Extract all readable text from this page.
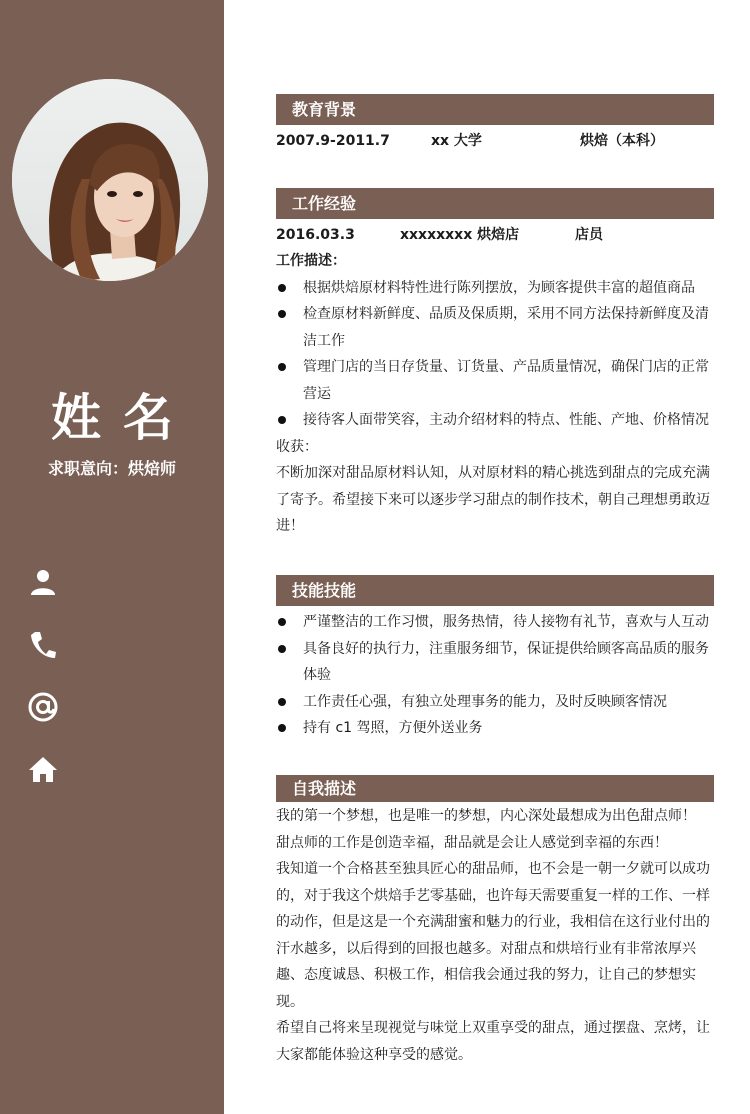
姓名
求职意向：烘焙师
教育背景
2007.9-2011.7	xx 大学	烘焙（本科）
工作经验
2016.03.3	xxxxxxxx 烘焙店	店员
工作描述：
根据烘焙原材料特性进行陈列摆放，为顾客提供丰富的超值商品
检查原材料新鲜度、品质及保质期，采用不同方法保持新鲜度及清洁工作
管理门店的当日存货量、订货量、产品质量情况，确保门店的正常营运
接待客人面带笑容，主动介绍材料的特点、性能、产地、价格情况
收获：
不断加深对甜品原材料认知，从对原材料的精心挑选到甜点的完成充满了寄予。希望接下来可以逐步学习甜点的制作技术，朝自己理想勇敢迈进！
技能技能
严谨整洁的工作习惯，服务热情，待人接物有礼节，喜欢与人互动
具备良好的执行力，注重服务细节，保证提供给顾客高品质的服务体验
工作责任心强，有独立处理事务的能力，及时反映顾客情况
持有 c1 驾照，方便外送业务
自我描述
我的第一个梦想，也是唯一的梦想，内心深处最想成为出色甜点师！
甜点师的工作是创造幸福，甜品就是会让人感觉到幸福的东西！
我知道一个合格甚至独具匠心的甜品师，也不会是一朝一夕就可以成功的，对于我这个烘焙手艺零基础，也许每天需要重复一样的工作、一样的动作，但是这是一个充满甜蜜和魅力的行业，我相信在这行业付出的汗水越多，以后得到的回报也越多。对甜点和烘培行业有非常浓厚兴趣、态度诚恳、积极工作，相信我会通过我的努力，让自己的梦想实现。
希望自己将来呈现视觉与味觉上双重享受的甜点，通过摆盘、烹烤，让大家都能体验这种享受的感觉。
